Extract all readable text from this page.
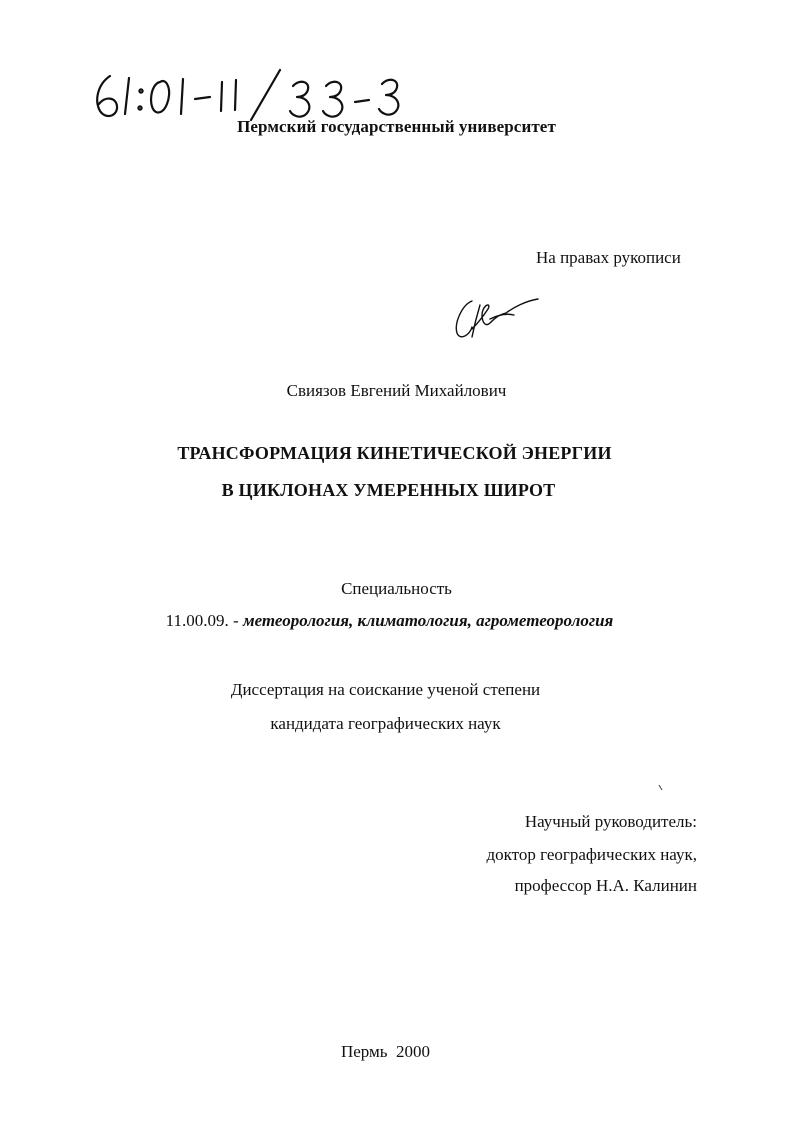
Пермский государственный университет
На правах рукописи
Свиязов Евгений Михайлович
ТРАНСФОРМАЦИЯ КИНЕТИЧЕСКОЙ ЭНЕРГИИ
В ЦИКЛОНАХ УМЕРЕННЫХ ШИРОТ
Специальность
11.00.09. - метеорология, климатология, агрометеорология
Диссертация на соискание ученой степени
кандидата географических наук
Научный руководитель:
доктор географических наук,
профессор Н.А. Калинин
Пермь  2000
